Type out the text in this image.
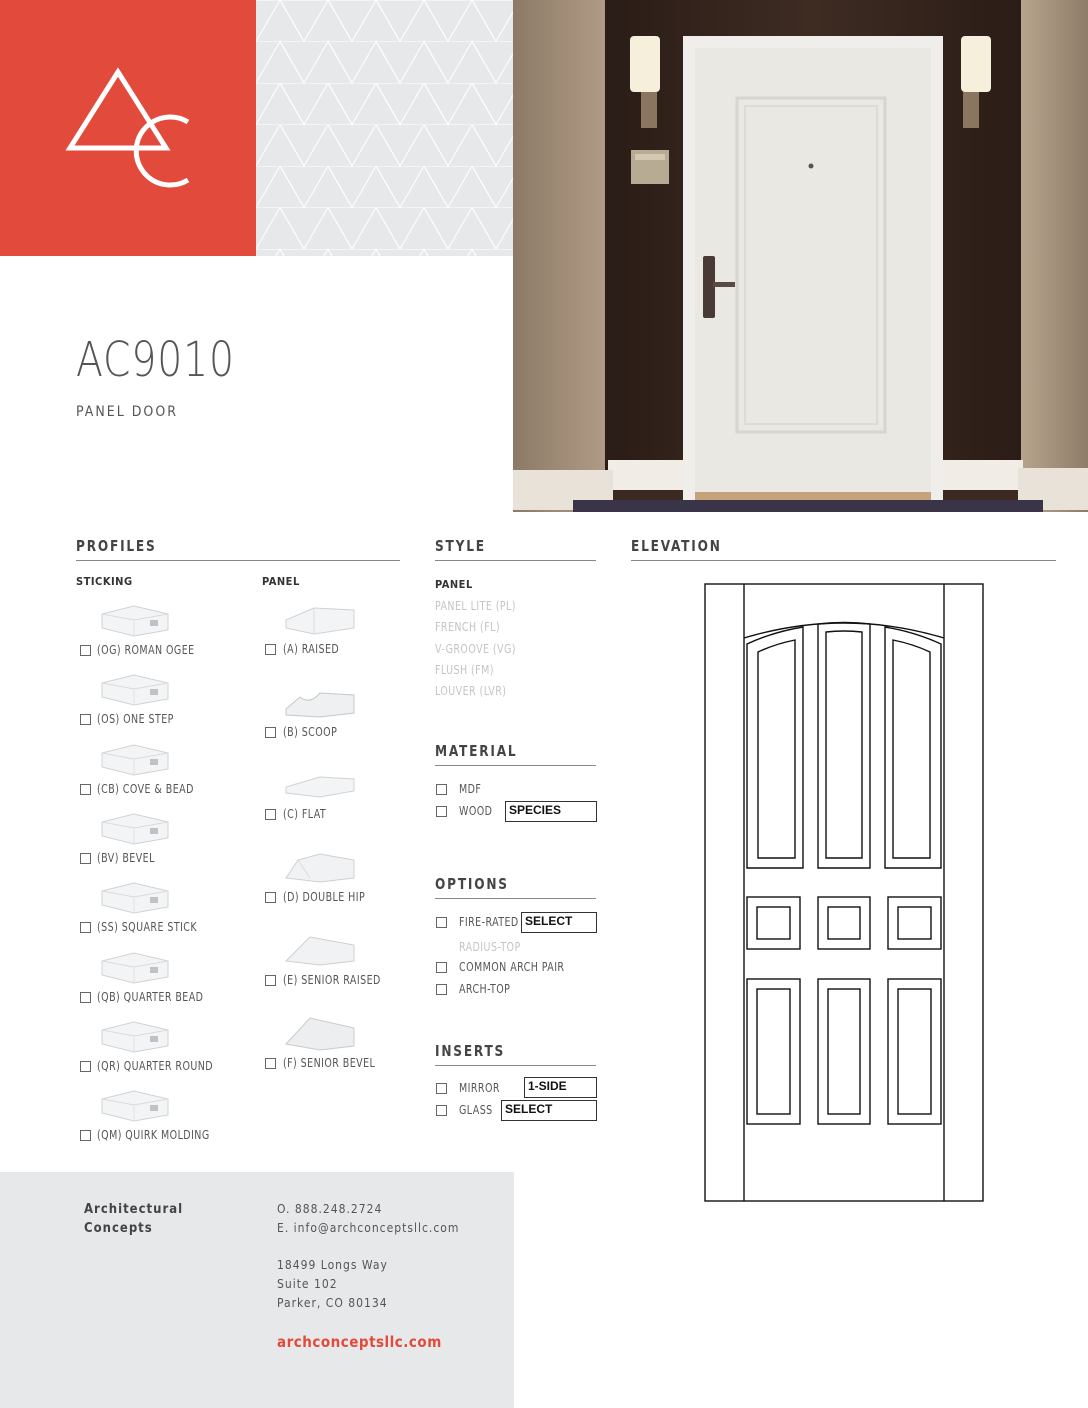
AC9010
PANEL DOOR
PROFILES
STICKING	PANEL
(OG) ROMAN OGEE
(OS) ONE STEP
(CB) COVE & BEAD
(BV) BEVEL
(SS) SQUARE STICK
(QB) QUARTER BEAD
(QR) QUARTER ROUND
(QM) QUIRK MOLDING
(A) RAISED
(B) SCOOP
(C) FLAT
(D) DOUBLE HIP
(E) SENIOR RAISED
(F) SENIOR BEVEL
STYLE
PANEL
PANEL LITE (PL)
FRENCH (FL)
V-GROOVE (VG)
FLUSH (FM)
LOUVER (LVR)
MATERIAL
MDF
WOOD	SPECIES
OPTIONS
FIRE-RATED SELECT
RADIUS-TOP
COMMON ARCH PAIR
ARCH-TOP
INSERTS
MIRROR	1-SIDE
GLASS	SELECT
ELEVATION
Architectural
Concepts
O. 888.248.2724
E. info@archconceptsllc.com
18499 Longs Way
Suite 102
Parker, CO 80134
archconceptsllc.com
